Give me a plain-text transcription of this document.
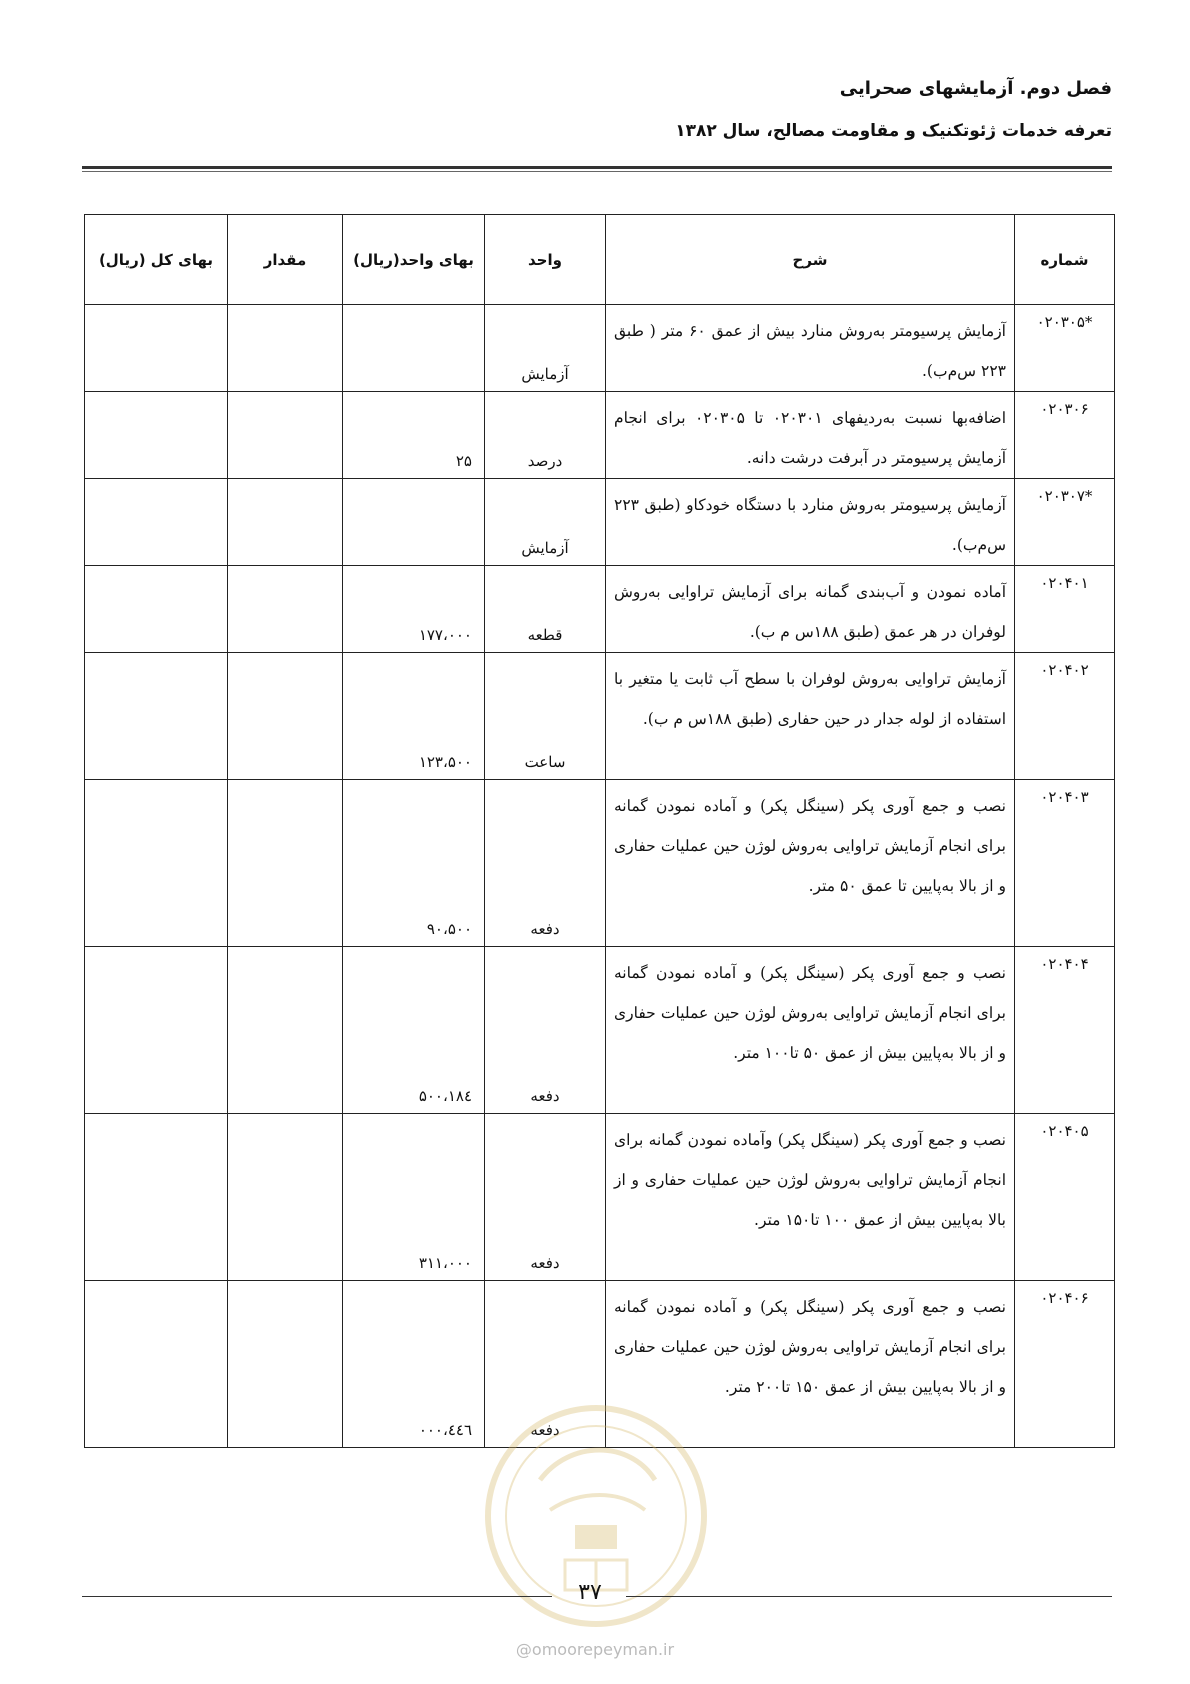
فصل دوم. آزمایشهای صحرایی

تعرفه خدمات ژئوتکنیک و مقاومت مصالح، سال ۱۳۸۲

شماره	شرح	واحد	بهای واحد(ریال)	مقدار	بهای کل (ریال)
*۰۲۰۳۰۵	آزمایش پرسیومتر به‌روش منارد بیش از عمق ۶۰ متر ( طبق ۲۲۳ س‌م‌ب).	آزمایش			
۰۲۰۳۰۶	اضافه‌بها نسبت به‌ردیفهای ۰۲۰۳۰۱ تا ۰۲۰۳۰۵ برای انجام آزمایش پرسیومتر در آبرفت درشت دانه.	درصد	۲۵		
*۰۲۰۳۰۷	آزمایش پرسیومتر به‌روش منارد با دستگاه خودکاو (طبق ۲۲۳ س‌م‌ب).	آزمایش			
۰۲۰۴۰۱	آماده نمودن و آب‌بندی گمانه برای آزمایش تراوایی به‌روش لوفران در هر عمق (طبق ۱۸۸س م ب).	قطعه	۱۷۷،۰۰۰		
۰۲۰۴۰۲	آزمایش تراوایی به‌روش لوفران با سطح آب ثابت یا متغیر با استفاده از لوله جدار در حین حفاری (طبق ۱۸۸س م ب).	ساعت	۱۲۳،۵۰۰		
۰۲۰۴۰۳	نصب و جمع آوری پکر (سینگل پکر) و آماده نمودن گمانه برای انجام آزمایش تراوایی به‌روش لوژن حین عملیات حفاری و از بالا به‌پایین تا عمق ۵۰ متر.	دفعه	۹۰،۵۰۰		
۰۲۰۴۰۴	نصب و جمع آوری پکر (سینگل پکر) و آماده نمودن گمانه برای انجام آزمایش تراوایی به‌روش لوژن حین عملیات حفاری و از بالا به‌پایین بیش از عمق ۵۰ تا۱۰۰ متر.	دفعه	۱۸٤،۵۰۰		
۰۲۰۴۰۵	نصب و جمع آوری پکر (سینگل پکر) وآماده نمودن گمانه برای انجام آزمایش تراوایی به‌روش لوژن حین عملیات حفاری و از بالا به‌پایین بیش از عمق ۱۰۰ تا۱۵۰ متر.	دفعه	۳۱۱،۰۰۰		
۰۲۰۴۰۶	نصب و جمع آوری پکر (سینگل پکر) و آماده نمودن گمانه برای انجام آزمایش تراوایی به‌روش لوژن حین عملیات حفاری و از بالا به‌پایین بیش از عمق ۱۵۰ تا۲۰۰ متر.	دفعه	٤٤٦،۰۰۰		
۳۷
@omoorepeyman.ir
